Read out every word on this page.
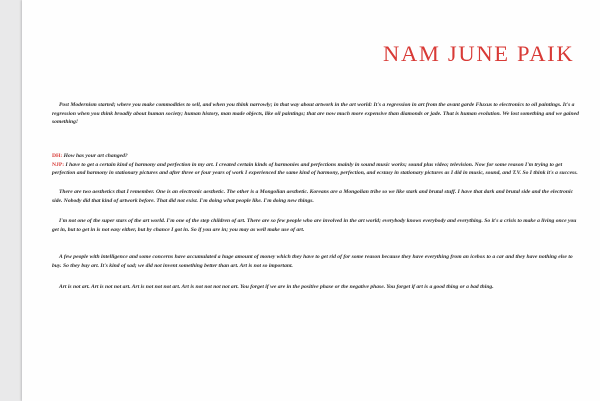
NAM JUNE PAIK

Post Modernism started; where you make commodities to sell, and when you think narrowly; in that way about artwork in the art world: It's a regression in art from the avant garde Fluxus to electronics to oil paintings. It's a regression when you think broadly about human society; human history, man made objects, like oil paintings; that are now much more expensive than diamonds or jade. That is human evolution. We lost something and we gained something!

DH: How has your art changed?

NJP: I have to get a certain kind of harmony and perfection in my art. I created certain kinds of harmonies and perfections mainly in sound music works; sound plus video; television. Now for some reason I'm trying to get perfection and harmony in stationary pictures and after three or four years of work I experienced the same kind of harmony, perfection, and ecstasy in stationary pictures as I did in music, sound, and T.V. So I think it's a success.

There are two aesthetics that I remember. One is an electronic aesthetic. The other is a Mongolian aesthetic. Koreans are a Mongolian tribe so we like stark and brutal stuff. I have that dark and brutal side and the electronic side. Nobody did that kind of artwork before. That did not exist. I'm doing what people like. I'm doing new things.

I'm not one of the super stars of the art world. I'm one of the step children of art. There are so few people who are involved in the art world; everybody knows everybody and everything. So it's a crisis to make a living once you get in, but to get in is not easy either, but by chance I got in. So if you are in; you may as well make use of art.

A few people with intelligence and some concerns have accumulated a huge amount of money which they have to get rid of for some reason because they have everything from an icebox to a car and they have nothing else to buy. So they buy art. It's kind of sad; we did not invent something better than art. Art is not so important.

Art is not art. Art is not not art. Art is not not not art. Art is not not not not art. You forget if we are in the positive phase or the negative phase. You forget if art is a good thing or a bad thing.
